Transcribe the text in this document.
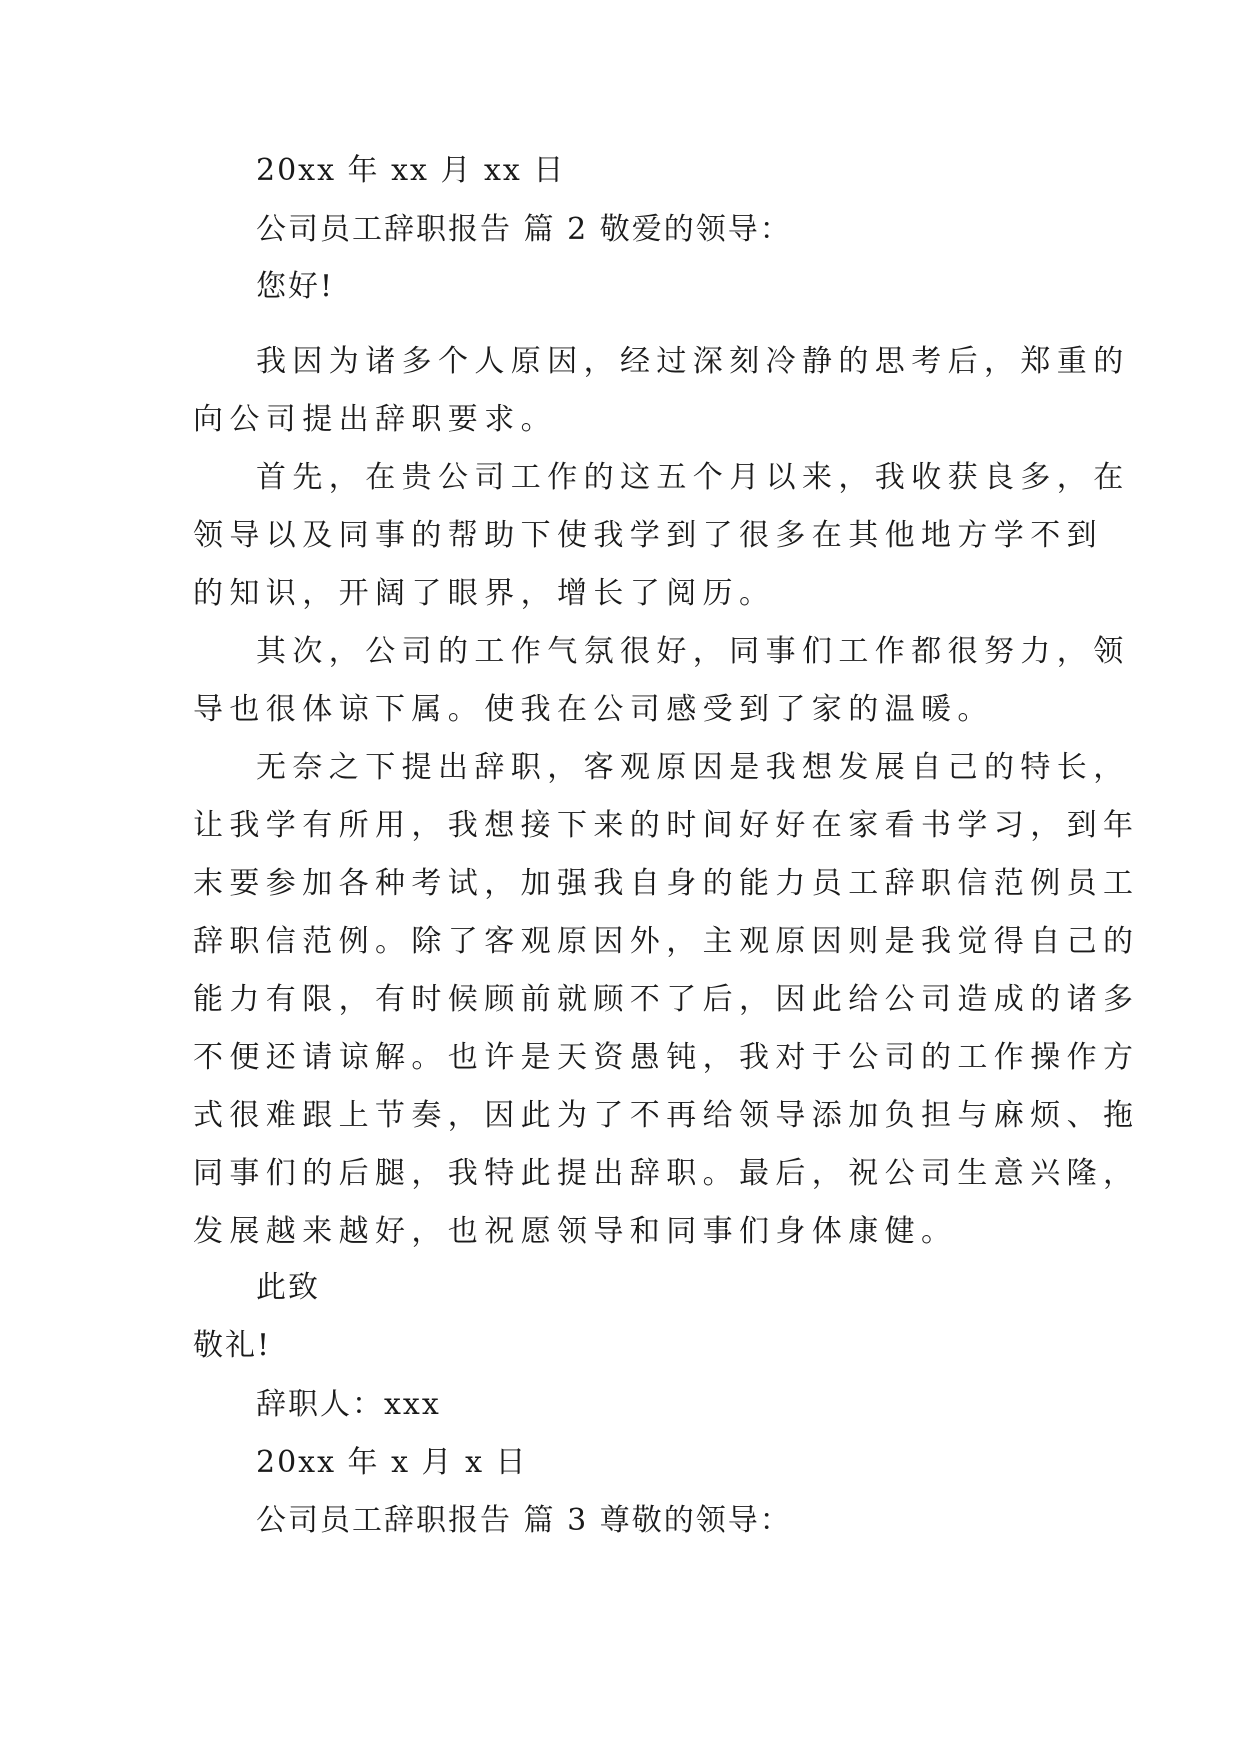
20xx 年 xx 月 xx 日
公司员工辞职报告 篇 2 敬爱的领导：
您好!
我因为诸多个人原因，经过深刻冷静的思考后，郑重的
向公司提出辞职要求。
首先，在贵公司工作的这五个月以来，我收获良多，在
领导以及同事的帮助下使我学到了很多在其他地方学不到
的知识，开阔了眼界，增长了阅历。
其次，公司的工作气氛很好，同事们工作都很努力，领
导也很体谅下属。使我在公司感受到了家的温暖。
无奈之下提出辞职，客观原因是我想发展自己的特长，
让我学有所用，我想接下来的时间好好在家看书学习，到年
末要参加各种考试，加强我自身的能力员工辞职信范例员工
辞职信范例。除了客观原因外，主观原因则是我觉得自己的
能力有限，有时候顾前就顾不了后，因此给公司造成的诸多
不便还请谅解。也许是天资愚钝，我对于公司的工作操作方
式很难跟上节奏，因此为了不再给领导添加负担与麻烦、拖
同事们的后腿，我特此提出辞职。最后，祝公司生意兴隆，
发展越来越好，也祝愿领导和同事们身体康健。
此致
敬礼!
辞职人：xxx
20xx 年 x 月 x 日
公司员工辞职报告 篇 3 尊敬的领导：
